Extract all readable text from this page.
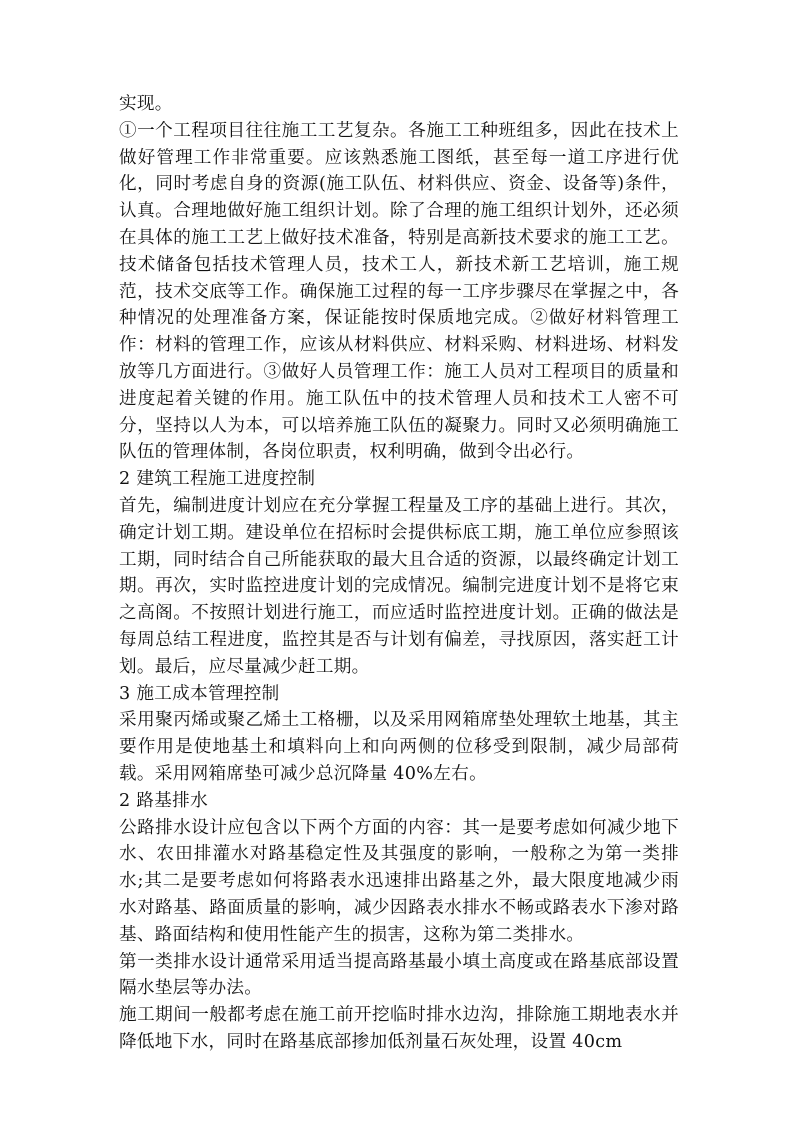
实现。

①一个工程项目往往施工工艺复杂。各施工工种班组多，因此在技术上做好管理工作非常重要。应该熟悉施工图纸，甚至每一道工序进行优化，同时考虑自身的资源(施工队伍、材料供应、资金、设备等)条件，认真。合理地做好施工组织计划。除了合理的施工组织计划外，还必须在具体的施工工艺上做好技术准备，特别是高新技术要求的施工工艺。技术储备包括技术管理人员，技术工人，新技术新工艺培训，施工规范，技术交底等工作。确保施工过程的每一工序步骤尽在掌握之中，各种情况的处理准备方案，保证能按时保质地完成。②做好材料管理工作：材料的管理工作，应该从材料供应、材料采购、材料进场、材料发放等几方面进行。③做好人员管理工作：施工人员对工程项目的质量和进度起着关键的作用。施工队伍中的技术管理人员和技术工人密不可分，坚持以人为本，可以培养施工队伍的凝聚力。同时又必须明确施工队伍的管理体制，各岗位职责，权利明确，做到令出必行。

2 建筑工程施工进度控制

首先，编制进度计划应在充分掌握工程量及工序的基础上进行。其次，确定计划工期。建设单位在招标时会提供标底工期，施工单位应参照该工期，同时结合自己所能获取的最大且合适的资源，以最终确定计划工期。再次，实时监控进度计划的完成情况。编制完进度计划不是将它束之高阁。不按照计划进行施工，而应适时监控进度计划。正确的做法是每周总结工程进度，监控其是否与计划有偏差，寻找原因，落实赶工计划。最后，应尽量减少赶工期。

3 施工成本管理控制

采用聚丙烯或聚乙烯土工格栅，以及采用网箱席垫处理软土地基，其主要作用是使地基土和填料向上和向两侧的位移受到限制，减少局部荷载。采用网箱席垫可减少总沉降量 40%左右。

2 路基排水

公路排水设计应包含以下两个方面的内容：其一是要考虑如何减少地下水、农田排灌水对路基稳定性及其强度的影响，一般称之为第一类排水;其二是要考虑如何将路表水迅速排出路基之外，最大限度地减少雨水对路基、路面质量的影响，减少因路表水排水不畅或路表水下渗对路基、路面结构和使用性能产生的损害，这称为第二类排水。

第一类排水设计通常采用适当提高路基最小填土高度或在路基底部设置隔水垫层等办法。

施工期间一般都考虑在施工前开挖临时排水边沟，排除施工期地表水并降低地下水，同时在路基底部掺加低剂量石灰处理，设置 40cm
